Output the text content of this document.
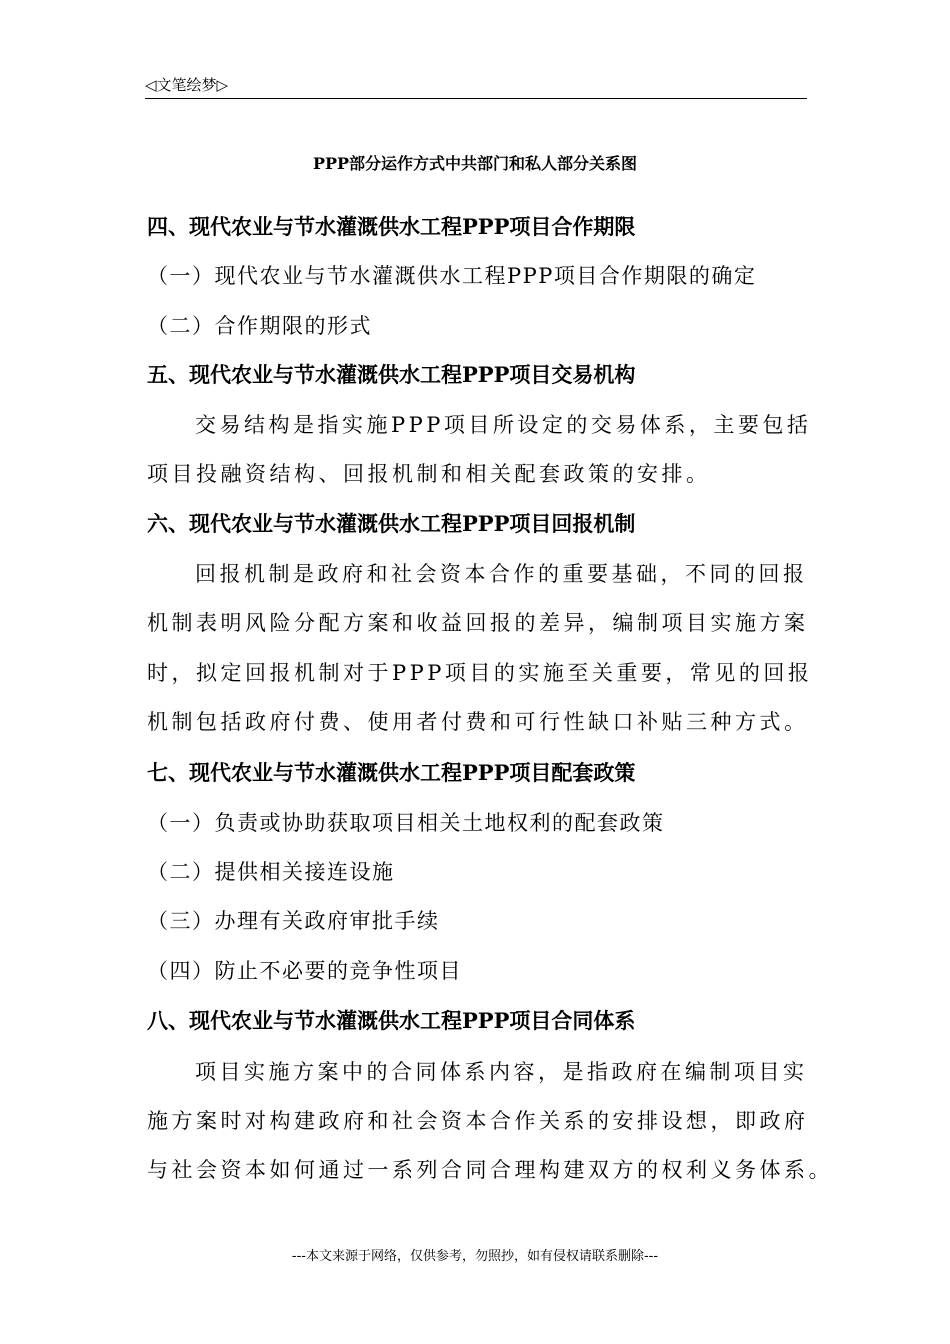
◁文笔绘梦▷
PPP部分运作方式中共部门和私人部分关系图
四、现代农业与节水灌溉供水工程PPP项目合作期限
（一）现代农业与节水灌溉供水工程PPP项目合作期限的确定
（二）合作期限的形式
五、现代农业与节水灌溉供水工程PPP项目交易机构
交易结构是指实施PPP项目所设定的交易体系，主要包括
项目投融资结构、回报机制和相关配套政策的安排。
六、现代农业与节水灌溉供水工程PPP项目回报机制
回报机制是政府和社会资本合作的重要基础，不同的回报
机制表明风险分配方案和收益回报的差异，编制项目实施方案
时，拟定回报机制对于PPP项目的实施至关重要，常见的回报
机制包括政府付费、使用者付费和可行性缺口补贴三种方式。
七、现代农业与节水灌溉供水工程PPP项目配套政策
（一）负责或协助获取项目相关土地权利的配套政策
（二）提供相关接连设施
（三）办理有关政府审批手续
（四）防止不必要的竞争性项目
八、现代农业与节水灌溉供水工程PPP项目合同体系
项目实施方案中的合同体系内容，是指政府在编制项目实
施方案时对构建政府和社会资本合作关系的安排设想，即政府
与社会资本如何通过一系列合同合理构建双方的权利义务体系。
---本文来源于网络，仅供参考，勿照抄，如有侵权请联系删除---
